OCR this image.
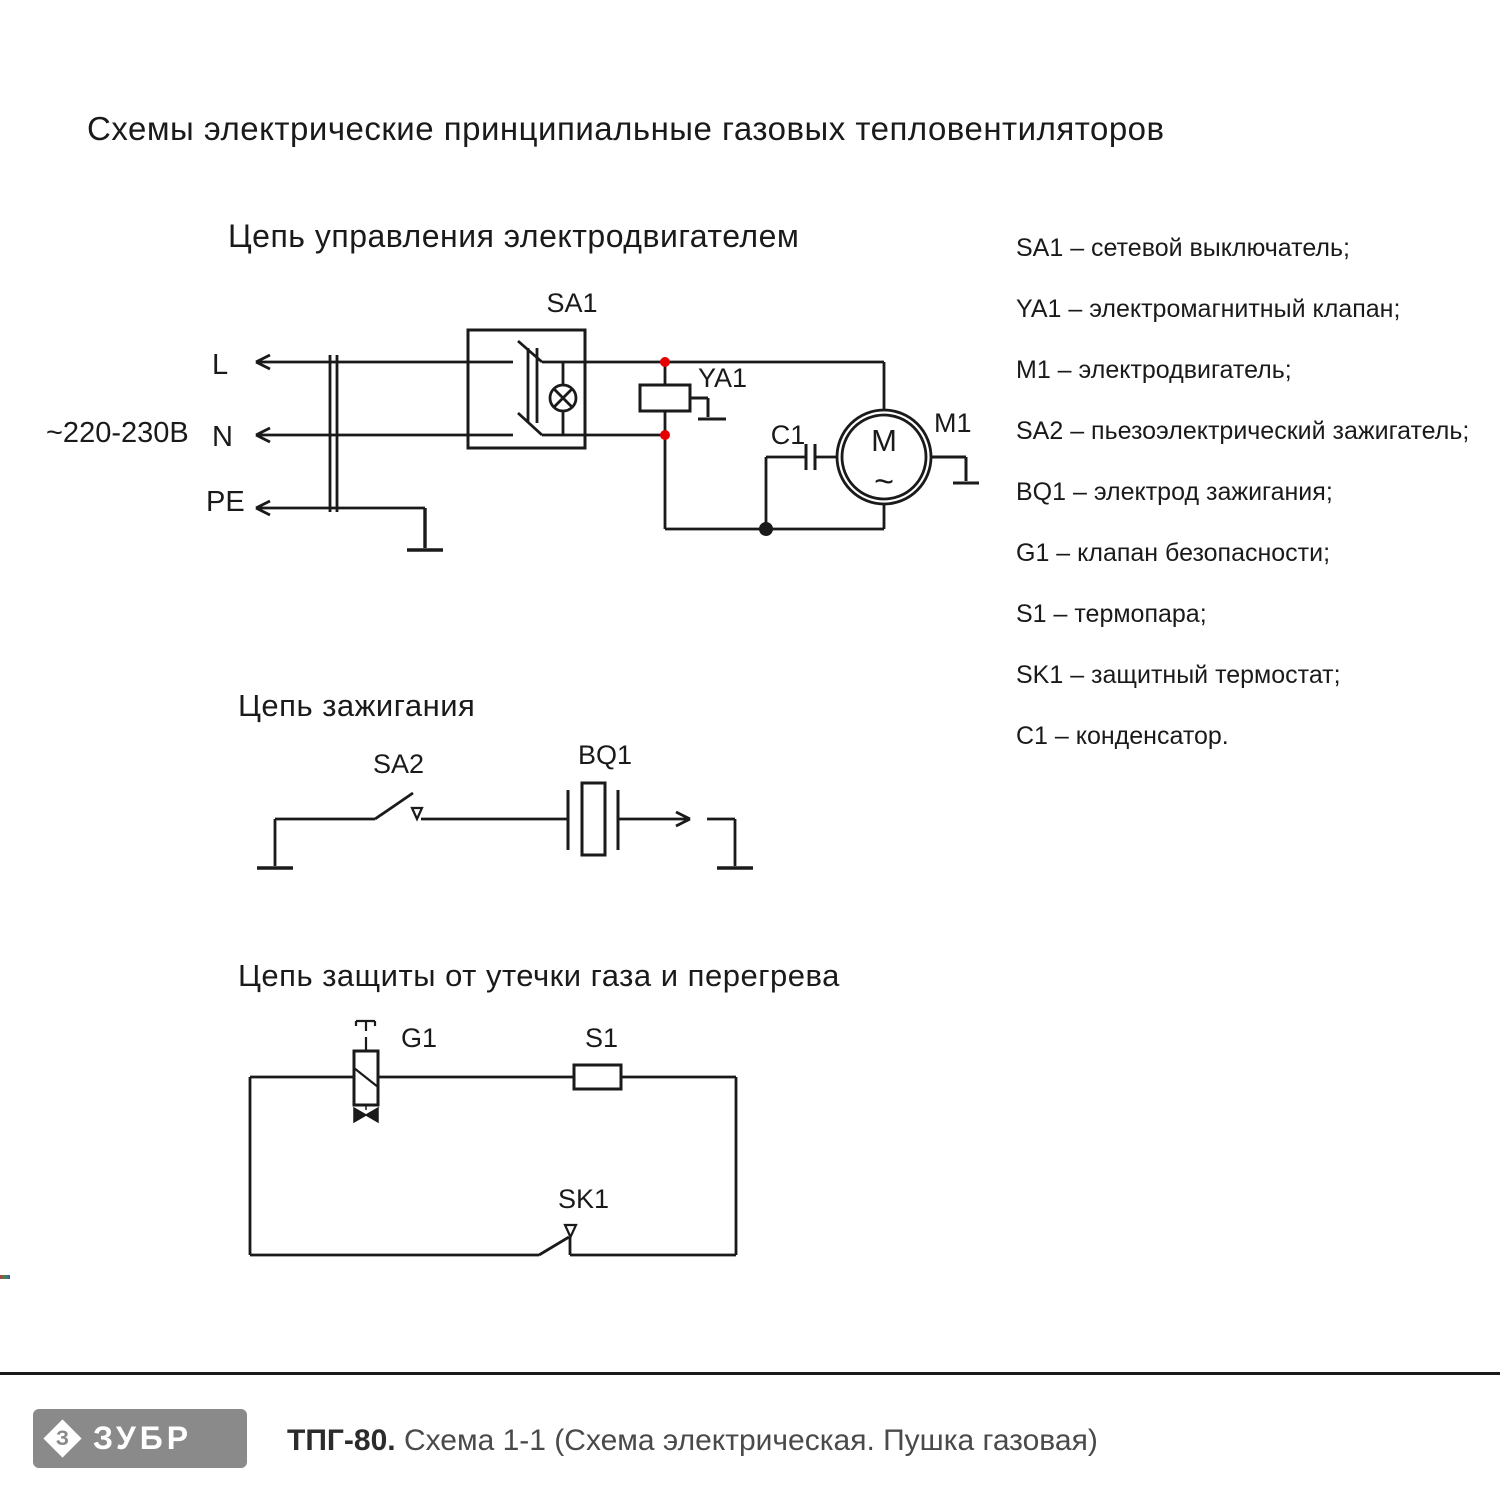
Схемы электрические принципиальные газовых тепловентиляторов
Цепь управления электродвигателем
Цепь зажигания
Цепь защиты от утечки газа и перегрева
SA1 – сетевой выключатель;
YA1 – электромагнитный клапан;
M1 – электродвигатель;
SA2 – пьезоэлектрический зажигатель;
BQ1 – электрод зажигания;
G1 – клапан безопасности;
S1 – термопара;
SK1 – защитный термостат;
C1 – конденсатор.
SA1
YA1
C1	M1
M
~
L
N
PE
~220-230В
SA2	BQ1
G1	S1
SK1
З ЗУБР	ТПГ-80. Схема 1-1 (Схема электрическая. Пушка газовая)
